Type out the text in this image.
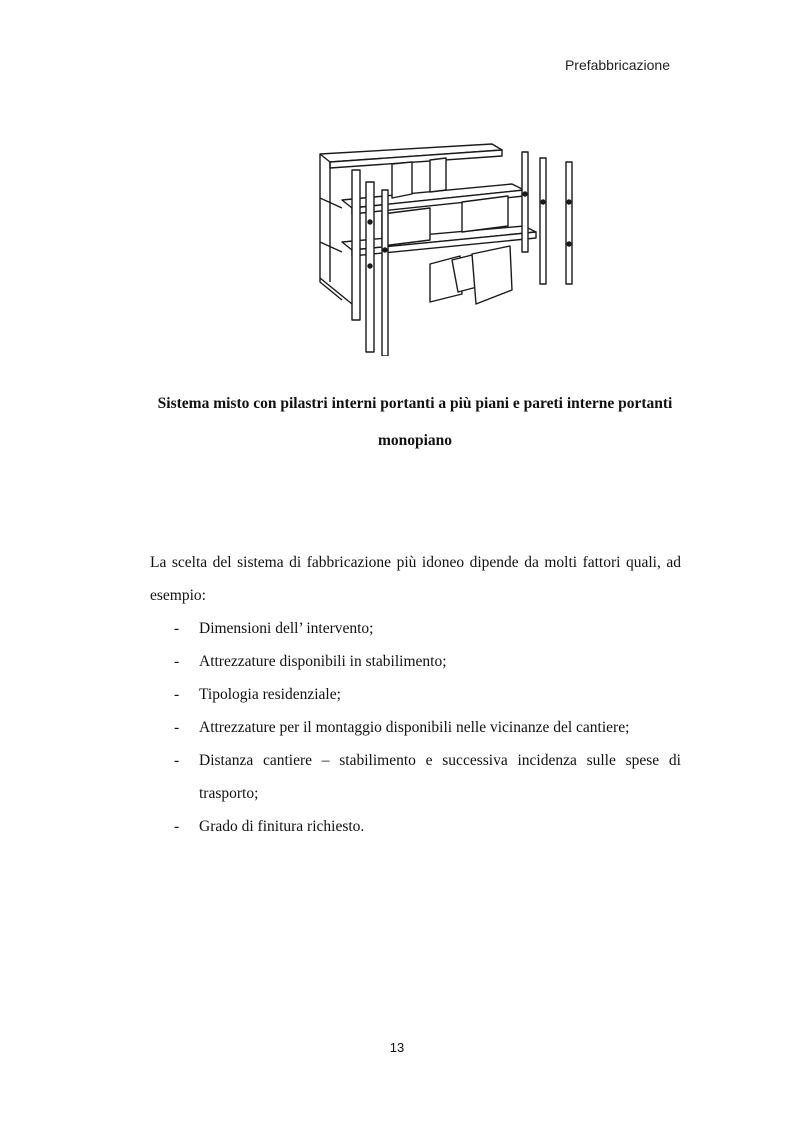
Prefabbricazione
Sistema misto con pilastri interni portanti a più piani e pareti interne portanti monopiano

La scelta del sistema di fabbricazione più idoneo dipende da molti fattori quali, ad esempio:

- Dimensioni dell’ intervento;
- Attrezzature disponibili in stabilimento;
- Tipologia residenziale;
- Attrezzature per il montaggio disponibili nelle vicinanze del cantiere;
- Distanza cantiere – stabilimento e successiva incidenza sulle spese di trasporto;
- Grado di finitura richiesto.
13
